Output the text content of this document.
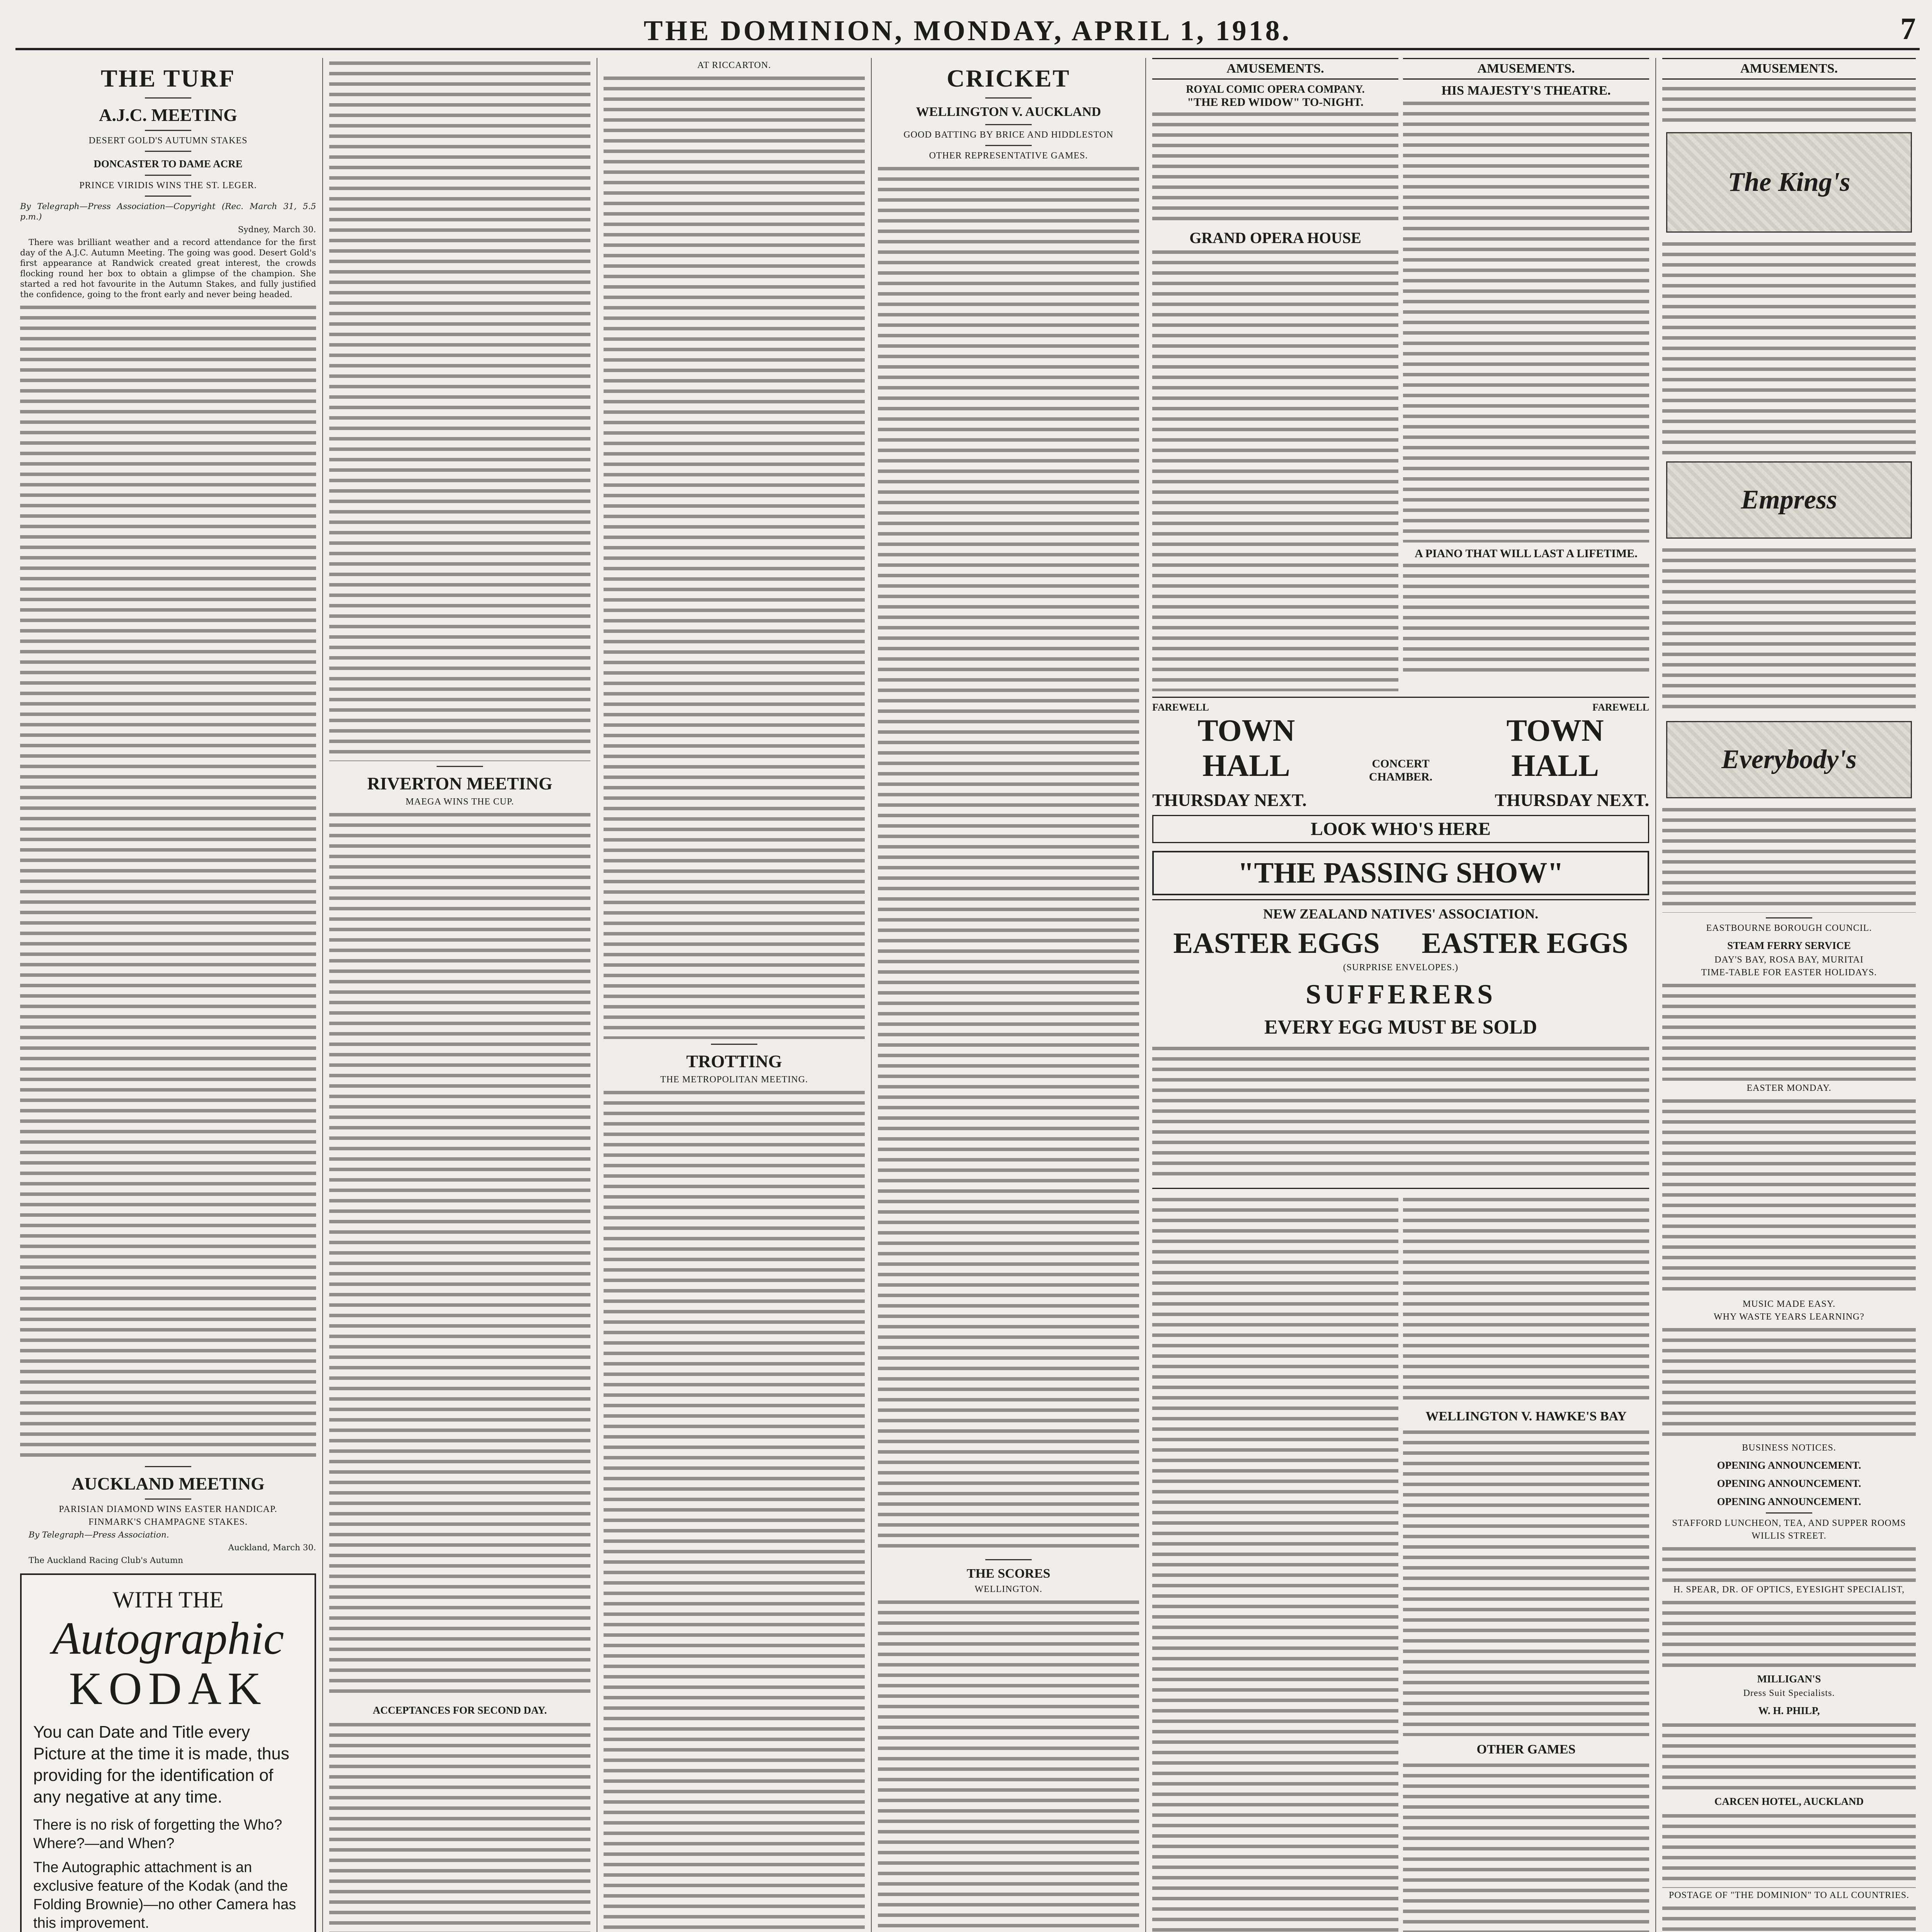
THE DOMINION, MONDAY, APRIL 1, 1918.	7
THE TURF
A.J.C. MEETING
DESERT GOLD'S AUTUMN STAKES
DONCASTER TO DAME ACRE
PRINCE VIRIDIS WINS THE ST. LEGER.
By Telegraph—Press Association—Copyright (Rec. March 31, 5.5 p.m.)
Sydney, March 30.
There was brilliant weather and a record attendance for the first day of the A.J.C. Autumn Meeting. The going was good. Desert Gold's first appearance at Randwick created great interest, the crowds flocking round her box to obtain a glimpse of the champion. She started a red hot favourite in the Autumn Stakes, and fully justified the confidence, going to the front early and never being headed.
AUCKLAND MEETING
PARISIAN DIAMOND WINS EASTER HANDICAP.
FINMARK'S CHAMPAGNE STAKES.
By Telegraph—Press Association.
Auckland, March 30.
The Auckland Racing Club's Autumn
WITH THE
Autographic
KODAK
You can Date and Title every Picture at the time it is made, thus providing for the identification of any negative at any time.
There is no risk of forgetting the Who? Where?—and When?
The Autographic attachment is an exclusive feature of the Kodak (and the Folding Brownie)—no other Camera has this improvement.
RIVERTON MEETING
MAEGA WINS THE CUP.
ACCEPTANCES FOR SECOND DAY.
AT RICCARTON.
TROTTING
THE METROPOLITAN MEETING.
CRICKET
WELLINGTON V. AUCKLAND
GOOD BATTING BY BRICE AND HIDDLESTON
OTHER REPRESENTATIVE GAMES.
THE SCORES
WELLINGTON.
AMUSEMENTS.
ROYAL COMIC OPERA COMPANY.
"THE RED WIDOW" TO-NIGHT.
GRAND OPERA HOUSE
AMUSEMENTS.
HIS MAJESTY'S THEATRE.
A PIANO THAT WILL LAST A LIFETIME.
FAREWELL	FAREWELL
TOWN HALL	CONCERT CHAMBER.
TOWN HALL
THURSDAY NEXT.	THURSDAY NEXT.
LOOK WHO'S HERE
"THE PASSING SHOW"
NEW ZEALAND NATIVES' ASSOCIATION.
EASTER EGGS EASTER EGGS
(SURPRISE ENVELOPES.)
SUFFERERS
EVERY EGG MUST BE SOLD
WELLINGTON V. HAWKE'S BAY
OTHER GAMES
AMUSEMENTS.
The King's
Empress
Everybody's
EASTBOURNE BOROUGH COUNCIL.
STEAM FERRY SERVICE
DAY'S BAY, ROSA BAY, MURITAI
TIME-TABLE FOR EASTER HOLIDAYS.
EASTER MONDAY.
MUSIC MADE EASY.
WHY WASTE YEARS LEARNING?
BUSINESS NOTICES.
OPENING ANNOUNCEMENT.
OPENING ANNOUNCEMENT.
OPENING ANNOUNCEMENT.
STAFFORD LUNCHEON, TEA, AND SUPPER ROOMS
WILLIS STREET.
H. SPEAR, DR. OF OPTICS, EYESIGHT SPECIALIST,
MILLIGAN'S
Dress Suit Specialists.
W. H. PHILP,
CARCEN HOTEL, AUCKLAND
POSTAGE OF "THE DOMINION" TO ALL COUNTRIES.
